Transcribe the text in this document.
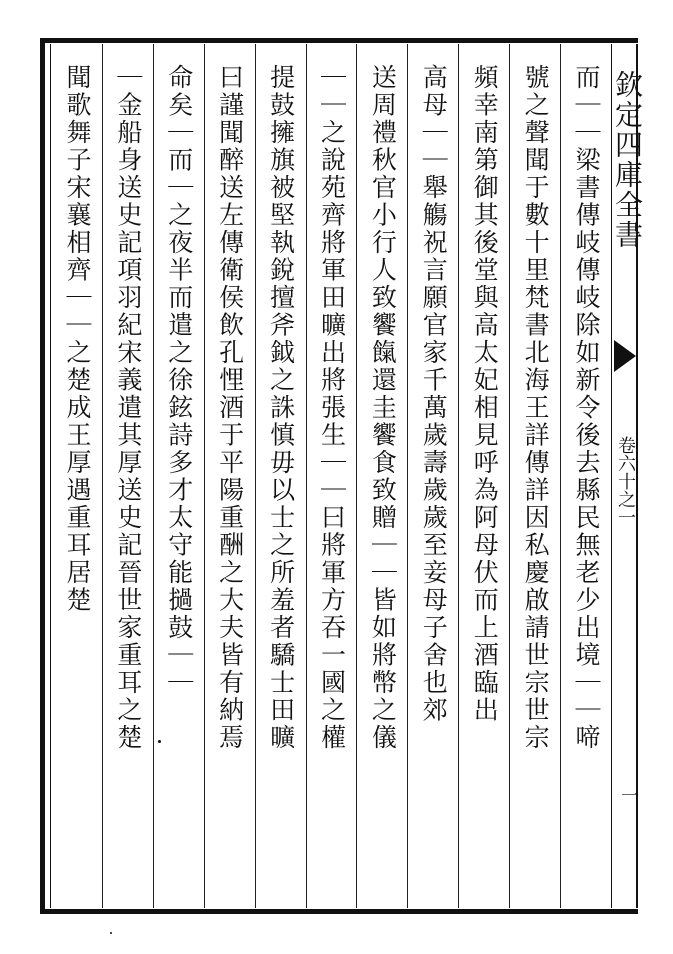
欽定四庫全書
卷六十之一
一
而｜｜梁書傳岐傳岐除如新令後去縣民無老少出境｜｜啼
號之聲聞于數十里梵書北海王詳傳詳因私慶啟請世宗世宗
頻幸南第御其後堂與高太妃相見呼為阿母伏而上酒臨出
高母｜｜舉觴祝言願官家千萬歲壽歲歲至妾母子舍也郊
送周禮秋官小行人致饗餼還圭饗食致贈｜｜皆如將幣之儀
｜｜之說苑齊將軍田曠出將張生｜｜曰將軍方吞一國之權
提鼓擁旗被堅執銳擅斧鉞之誅慎毋以士之所羞者驕士田曠
曰謹聞醉送左傳衛侯飲孔悝酒于平陽重酬之大夫皆有納焉
命矣｜而｜之夜半而遣之徐鉉詩多才太守能撾鼓｜｜
｜金船身送史記項羽紀宋義遣其厚送史記晉世家重耳之楚
聞歌舞子宋襄相齊｜｜之楚成王厚遇重耳居楚
